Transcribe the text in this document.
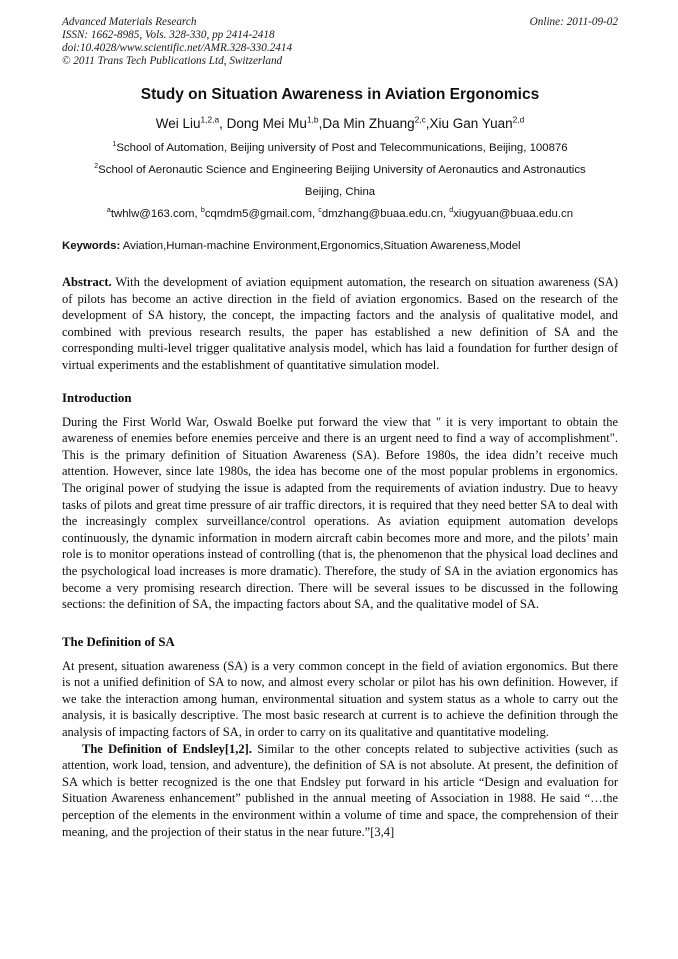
Advanced Materials Research
ISSN: 1662-8985, Vols. 328-330, pp 2414-2418
doi:10.4028/www.scientific.net/AMR.328-330.2414
© 2011 Trans Tech Publications Ltd, Switzerland
Online: 2011-09-02
Study on Situation Awareness in Aviation Ergonomics
Wei Liu$^{1,2,a}$, Dong Mei Mu$^{1,b}$,Da Min Zhuang$^{2,c}$,Xiu Gan Yuan$^{2,d}$
$^1$School of Automation, Beijing university of Post and Telecommunications, Beijing, 100876
$^2$School of Aeronautic Science and Engineering Beijing University of Aeronautics and Astronautics
Beijing, China
$^a$twhlw@163.com, $^b$cqmdm5@gmail.com, $^c$dmzhang@buaa.edu.cn, $^d$xiugyuan@buaa.edu.cn
Keywords: Aviation,Human-machine Environment,Ergonomics,Situation Awareness,Model

Abstract. With the development of aviation equipment automation, the research on situation awareness (SA) of pilots has become an active direction in the field of aviation ergonomics. Based on the research of the development of SA history, the concept, the impacting factors and the analysis of qualitative model, and combined with previous research results, the paper has established a new definition of SA and the corresponding multi-level trigger qualitative analysis model, which has laid a foundation for further design of virtual experiments and the establishment of quantitative simulation model.

Introduction

During the First World War, Oswald Boelke put forward the view that " it is very important to obtain the awareness of enemies before enemies perceive and there is an urgent need to find a way of accomplishment". This is the primary definition of Situation Awareness (SA). Before 1980s, the idea didn’t receive much attention. However, since late 1980s, the idea has become one of the most popular problems in ergonomics. The original power of studying the issue is adapted from the requirements of aviation industry. Due to heavy tasks of pilots and great time pressure of air traffic directors, it is required that they need better SA to deal with the increasingly complex surveillance/control operations. As aviation equipment automation develops continuously, the dynamic information in modern aircraft cabin becomes more and more, and the pilots’ main role is to monitor operations instead of controlling (that is, the phenomenon that the physical load declines and the psychological load increases is more dramatic). Therefore, the study of SA in the aviation ergonomics has become a very promising research direction. There will be several issues to be discussed in the following sections: the definition of SA, the impacting factors about SA, and the qualitative model of SA.

The Definition of SA

At present, situation awareness (SA) is a very common concept in the field of aviation ergonomics. But there is not a unified definition of SA to now, and almost every scholar or pilot has his own definition. However, if we take the interaction among human, environmental situation and system status as a whole to carry out the analysis, it is basically descriptive. The most basic research at current is to achieve the definition through the analysis of impacting factors of SA, in order to carry on its qualitative and quantitative modeling.

The Definition of Endsley[1,2]. Similar to the other concepts related to subjective activities (such as attention, work load, tension, and adventure), the definition of SA is not absolute. At present, the definition of SA which is better recognized is the one that Endsley put forward in his article “Design and evaluation for Situation Awareness enhancement” published in the annual meeting of Association in 1988. He said “…the perception of the elements in the environment within a volume of time and space, the comprehension of their meaning, and the projection of their status in the near future.”[3,4]
